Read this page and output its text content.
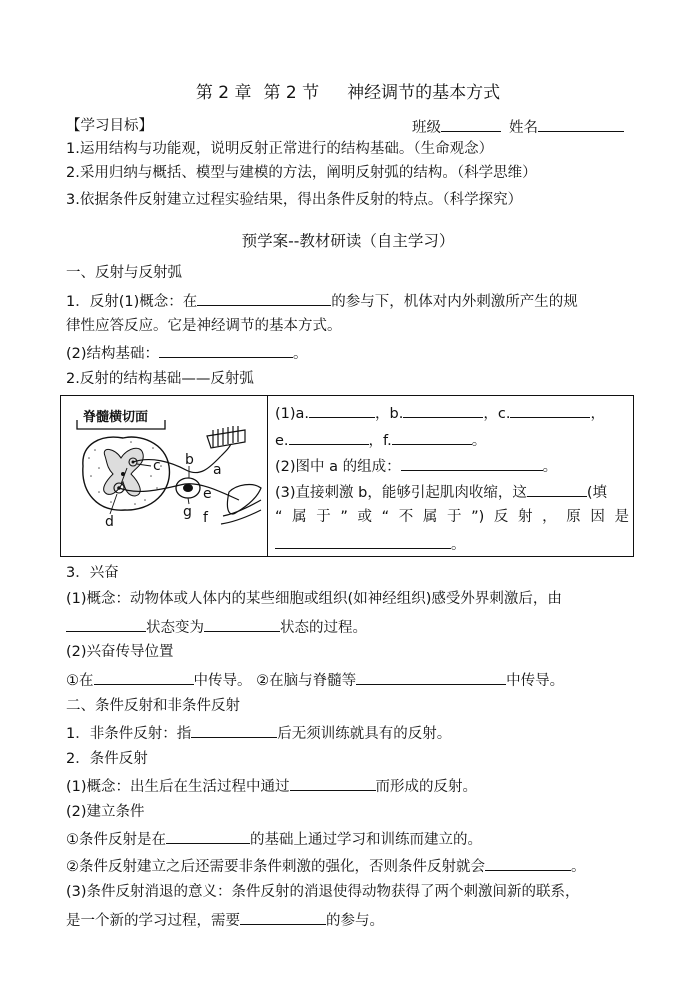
第 2 章 第 2 节 神经调节的基本方式
【学习目标】	班级	姓名
1.运用结构与功能观，说明反射正常进行的结构基础。（生命观念）
2.采用归纳与概括、模型与建模的方法，阐明反射弧的结构。（科学思维）
3.依据条件反射建立过程实验结果，得出条件反射的特点。（科学探究）
预学案--教材研读（自主学习）
一、反射与反射弧
1．反射(1)概念：在	的参与下，机体对内外刺激所产生的规
律性应答反应。它是神经调节的基本方式。
(2)结构基础：	。
2.反射的结构基础——反射弧
脊髓横切面
a
b
c
d
e
f
g
(1)a.	，b.	，c.	，
e.	，f.	。
(2)图中 a 的组成：	。
(3)直接刺激 b，能够引起肌肉收缩，这	(填
“属于”或“不属于”)反射，原因是
。
3．兴奋
(1)概念：动物体或人体内的某些细胞或组织(如神经组织)感受外界刺激后，由
状态变为	状态的过程。
(2)兴奋传导位置
①在	中传导。 ②在脑与脊髓等	中传导。
二、条件反射和非条件反射
1．非条件反射：指	后无须训练就具有的反射。
2．条件反射
(1)概念：出生后在生活过程中通过	而形成的反射。
(2)建立条件
①条件反射是在	的基础上通过学习和训练而建立的。
②条件反射建立之后还需要非条件刺激的强化，否则条件反射就会	。
(3)条件反射消退的意义：条件反射的消退使得动物获得了两个刺激间新的联系，
是一个新的学习过程，需要	的参与。
